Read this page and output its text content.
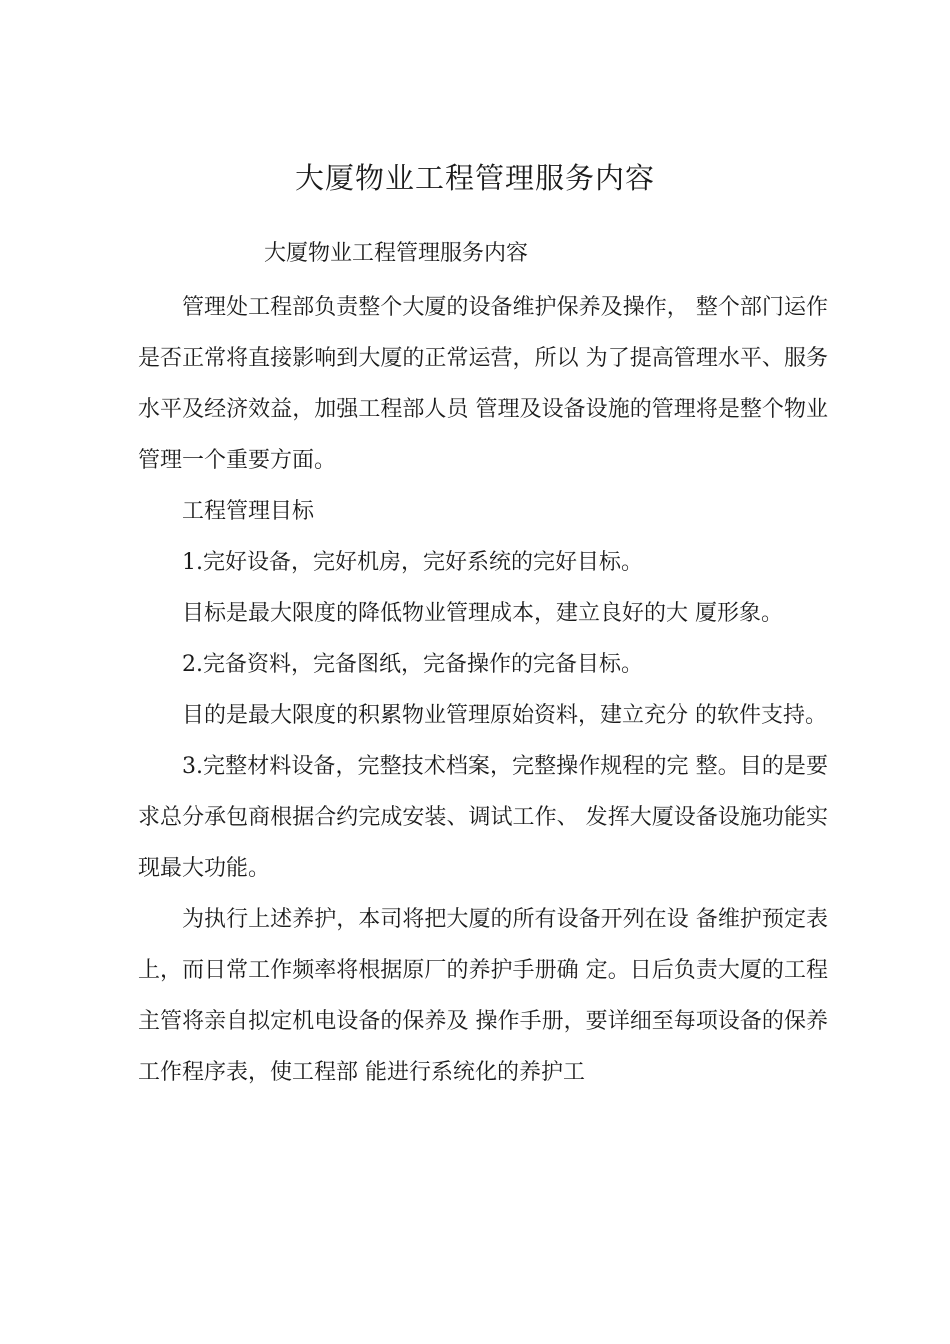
大厦物业工程管理服务内容

大厦物业工程管理服务内容

管理处工程部负责整个大厦的设备维护保养及操作， 整个部门运作是否正常将直接影响到大厦的正常运营，所以 为了提高管理水平、服务水平及经济效益，加强工程部人员 管理及设备设施的管理将是整个物业管理一个重要方面。

工程管理目标

1.完好设备，完好机房，完好系统的完好目标。

目标是最大限度的降低物业管理成本，建立良好的大 厦形象。

2.完备资料，完备图纸，完备操作的完备目标。

目的是最大限度的积累物业管理原始资料，建立充分 的软件支持。

3.完整材料设备，完整技术档案，完整操作规程的完 整。目的是要求总分承包商根据合约完成安装、调试工作、 发挥大厦设备设施功能实现最大功能。

为执行上述养护，本司将把大厦的所有设备开列在设 备维护预定表上，而日常工作频率将根据原厂的养护手册确 定。日后负责大厦的工程主管将亲自拟定机电设备的保养及 操作手册，要详细至每项设备的保养工作程序表，使工程部 能进行系统化的养护工
